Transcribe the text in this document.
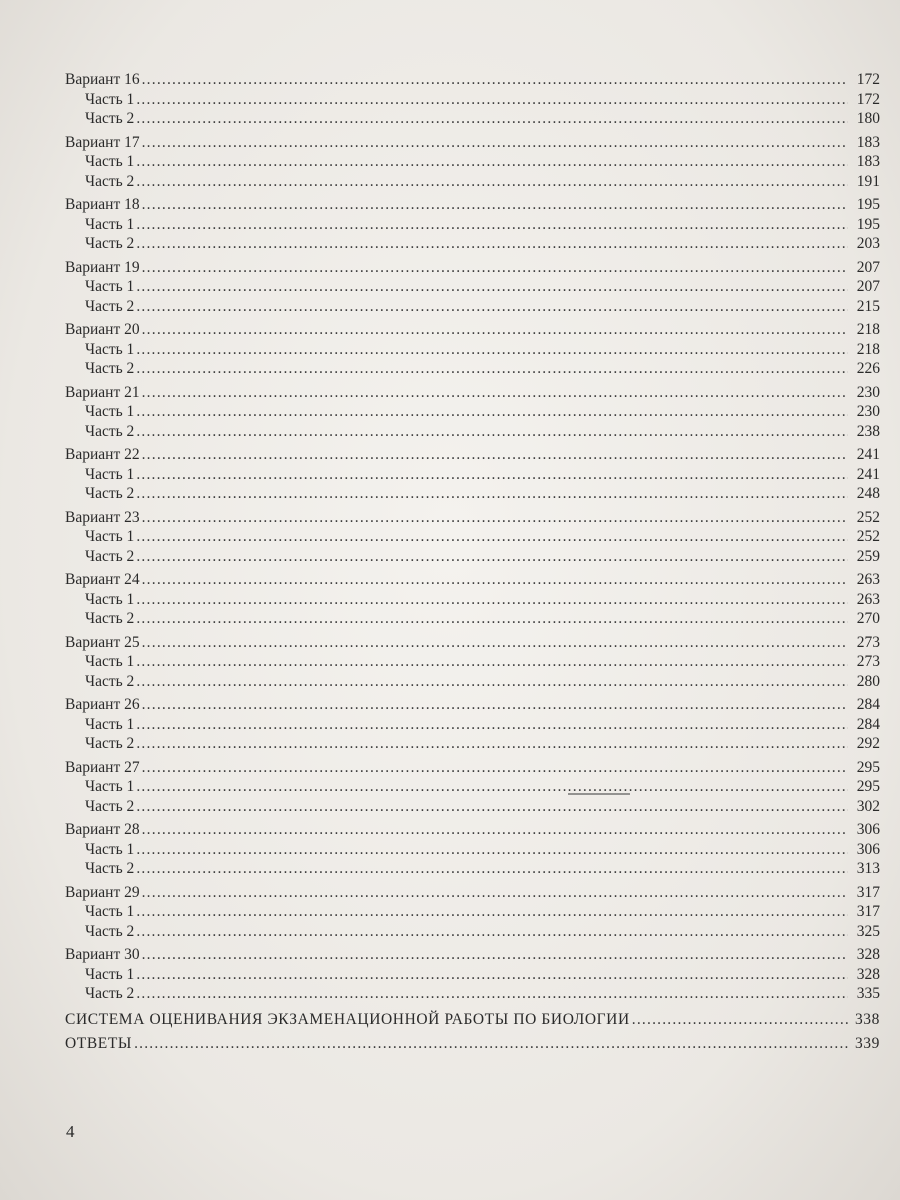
Вариант 16 .....	172
Часть 1 .....	172
Часть 2 .....	180
Вариант 17 .....	183
Часть 1 .....	183
Часть 2 .....	191
Вариант 18 .....	195
Часть 1 .....	195
Часть 2 .....	203
Вариант 19 .....	207
Часть 1 .....	207
Часть 2 .....	215
Вариант 20 .....	218
Часть 1 .....	218
Часть 2 .....	226
Вариант 21 .....	230
Часть 1 .....	230
Часть 2 .....	238
Вариант 22 .....	241
Часть 1 .....	241
Часть 2 .....	248
Вариант 23 .....	252
Часть 1 .....	252
Часть 2 .....	259
Вариант 24 .....	263
Часть 1 .....	263
Часть 2 .....	270
Вариант 25 .....	273
Часть 1 .....	273
Часть 2 .....	280
Вариант 26 .....	284
Часть 1 .....	284
Часть 2 .....	292
Вариант 27 .....	295
Часть 1 .....	295
Часть 2 .....	302
Вариант 28 .....	306
Часть 1 .....	306
Часть 2 .....	313
Вариант 29 .....	317
Часть 1 .....	317
Часть 2 .....	325
Вариант 30 .....	328
Часть 1 .....	328
Часть 2 .....	335
СИСТЕМА ОЦЕНИВАНИЯ ЭКЗАМЕНАЦИОННОЙ РАБОТЫ ПО БИОЛОГИИ .....	338
ОТВЕТЫ .....	339
4
